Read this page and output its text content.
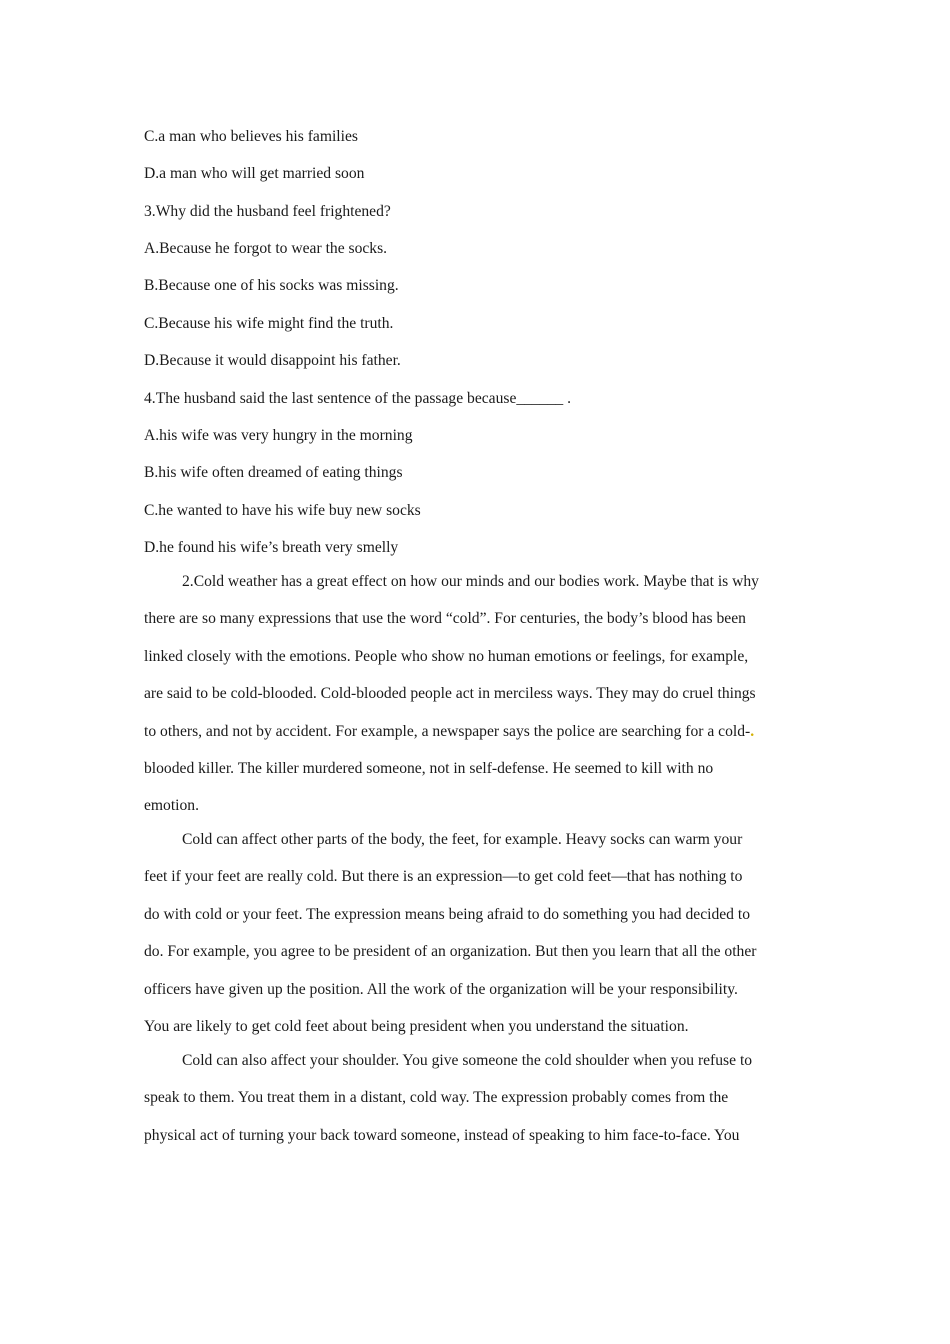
C.a man who believes his families
D.a man who will get married soon
3.Why did the husband feel frightened?
A.Because he forgot to wear the socks.
B.Because one of his socks was missing.
C.Because his wife might find the truth.
D.Because it would disappoint his father.
4.The husband said the last sentence of the passage because______ .
A.his wife was very hungry in the morning
B.his wife often dreamed of eating things
C.he wanted to have his wife buy new socks
D.he found his wife’s breath very smelly

2.Cold weather has a great effect on how our minds and our bodies work. Maybe that is why
there are so many expressions that use the word “cold”. For centuries, the body’s blood has been
linked closely with the emotions. People who show no human emotions or feelings, for example,
are said to be cold-blooded. Cold-blooded people act in merciless ways. They may do cruel things
to others, and not by accident. For example, a newspaper says the police are searching for a cold-.
blooded killer. The killer murdered someone, not in self-defense. He seemed to kill with no
emotion.

Cold can affect other parts of the body, the feet, for example. Heavy socks can warm your
feet if your feet are really cold. But there is an expression—to get cold feet—that has nothing to
do with cold or your feet. The expression means being afraid to do something you had decided to
do. For example, you agree to be president of an organization. But then you learn that all the other
officers have given up the position. All the work of the organization will be your responsibility.
You are likely to get cold feet about being president when you understand the situation.

Cold can also affect your shoulder. You give someone the cold shoulder when you refuse to
speak to them. You treat them in a distant, cold way. The expression probably comes from the
physical act of turning your back toward someone, instead of speaking to him face-to-face. You
